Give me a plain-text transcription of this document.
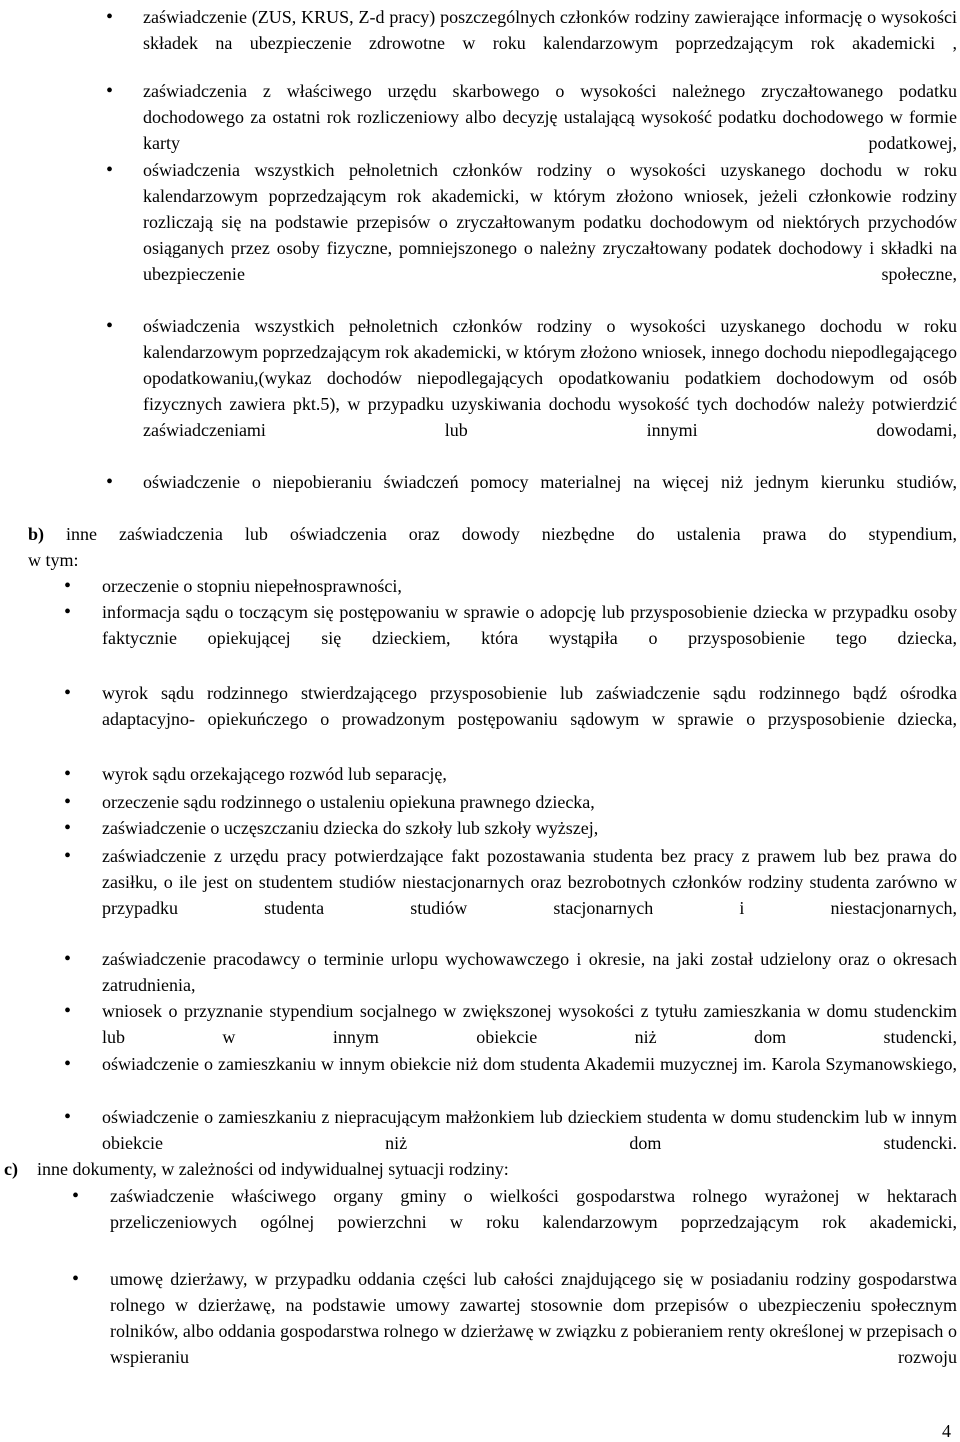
• zaświadczenie (ZUS, KRUS, Z-d pracy) poszczególnych członków rodziny zawierające informację o wysokości składek na ubezpieczenie zdrowotne w roku kalendarzowym poprzedzającym rok akademicki ,

• zaświadczenia z właściwego urzędu skarbowego o wysokości należnego zryczałtowanego podatku dochodowego za ostatni rok rozliczeniowy albo decyzję ustalającą wysokość podatku dochodowego w formie karty podatkowej,

• oświadczenia wszystkich pełnoletnich członków rodziny o wysokości uzyskanego dochodu w roku kalendarzowym poprzedzającym rok akademicki, w którym złożono wniosek, jeżeli członkowie rodziny rozliczają się na podstawie przepisów o zryczałtowanym podatku dochodowym od niektórych przychodów osiąganych przez osoby fizyczne, pomniejszonego o należny zryczałtowany podatek dochodowy i składki na ubezpieczenie społeczne,

• oświadczenia wszystkich pełnoletnich członków rodziny o wysokości uzyskanego dochodu w roku kalendarzowym poprzedzającym rok akademicki, w którym złożono wniosek, innego dochodu niepodlegającego opodatkowaniu,(wykaz dochodów niepodlegających opodatkowaniu podatkiem dochodowym od osób fizycznych zawiera pkt.5), w przypadku uzyskiwania dochodu wysokość tych dochodów należy potwierdzić zaświadczeniami lub innymi dowodami,

• oświadczenie o niepobieraniu świadczeń pomocy materialnej na więcej niż jednym kierunku studiów,

b) inne zaświadczenia lub oświadczenia oraz dowody niezbędne do ustalenia prawa do stypendium,

w tym:

• orzeczenie o stopniu niepełnosprawności,

• informacja sądu o toczącym się postępowaniu w sprawie o adopcję lub przysposobienie dziecka w przypadku osoby faktycznie opiekującej się dzieckiem, która wystąpiła o przysposobienie tego dziecka,

• wyrok sądu rodzinnego stwierdzającego przysposobienie lub zaświadczenie sądu rodzinnego bądź ośrodka adaptacyjno- opiekuńczego o prowadzonym postępowaniu sądowym w sprawie o przysposobienie dziecka,

• wyrok sądu orzekającego rozwód lub separację,

• orzeczenie sądu rodzinnego o ustaleniu opiekuna prawnego dziecka,

• zaświadczenie o uczęszczaniu dziecka do szkoły lub szkoły wyższej,

• zaświadczenie z urzędu pracy potwierdzające fakt pozostawania studenta bez pracy z prawem lub bez prawa do zasiłku, o ile jest on studentem studiów niestacjonarnych oraz bezrobotnych członków rodziny studenta zarówno w przypadku studenta studiów stacjonarnych i niestacjonarnych,

• zaświadczenie pracodawcy o terminie urlopu wychowawczego i okresie, na jaki został udzielony oraz o okresach zatrudnienia,

• wniosek o przyznanie stypendium socjalnego w zwiększonej wysokości z tytułu zamieszkania w domu studenckim lub w innym obiekcie niż dom studencki,

• oświadczenie o zamieszkaniu w innym obiekcie niż dom studenta Akademii muzycznej im. Karola Szymanowskiego,

• oświadczenie o zamieszkaniu z niepracującym małżonkiem lub dzieckiem studenta w domu studenckim lub w innym obiekcie niż dom studencki.

c) inne dokumenty, w zależności od indywidualnej sytuacji rodziny:

• zaświadczenie właściwego organy gminy o wielkości gospodarstwa rolnego wyrażonej w hektarach przeliczeniowych ogólnej powierzchni w roku kalendarzowym poprzedzającym rok akademicki,

• umowę dzierżawy, w przypadku oddania części lub całości znajdującego się w posiadaniu rodziny gospodarstwa rolnego w dzierżawę, na podstawie umowy zawartej stosownie dom przepisów o ubezpieczeniu społecznym rolników, albo oddania gospodarstwa rolnego w dzierżawę w związku z pobieraniem renty określonej w przepisach o wspieraniu rozwoju

4
